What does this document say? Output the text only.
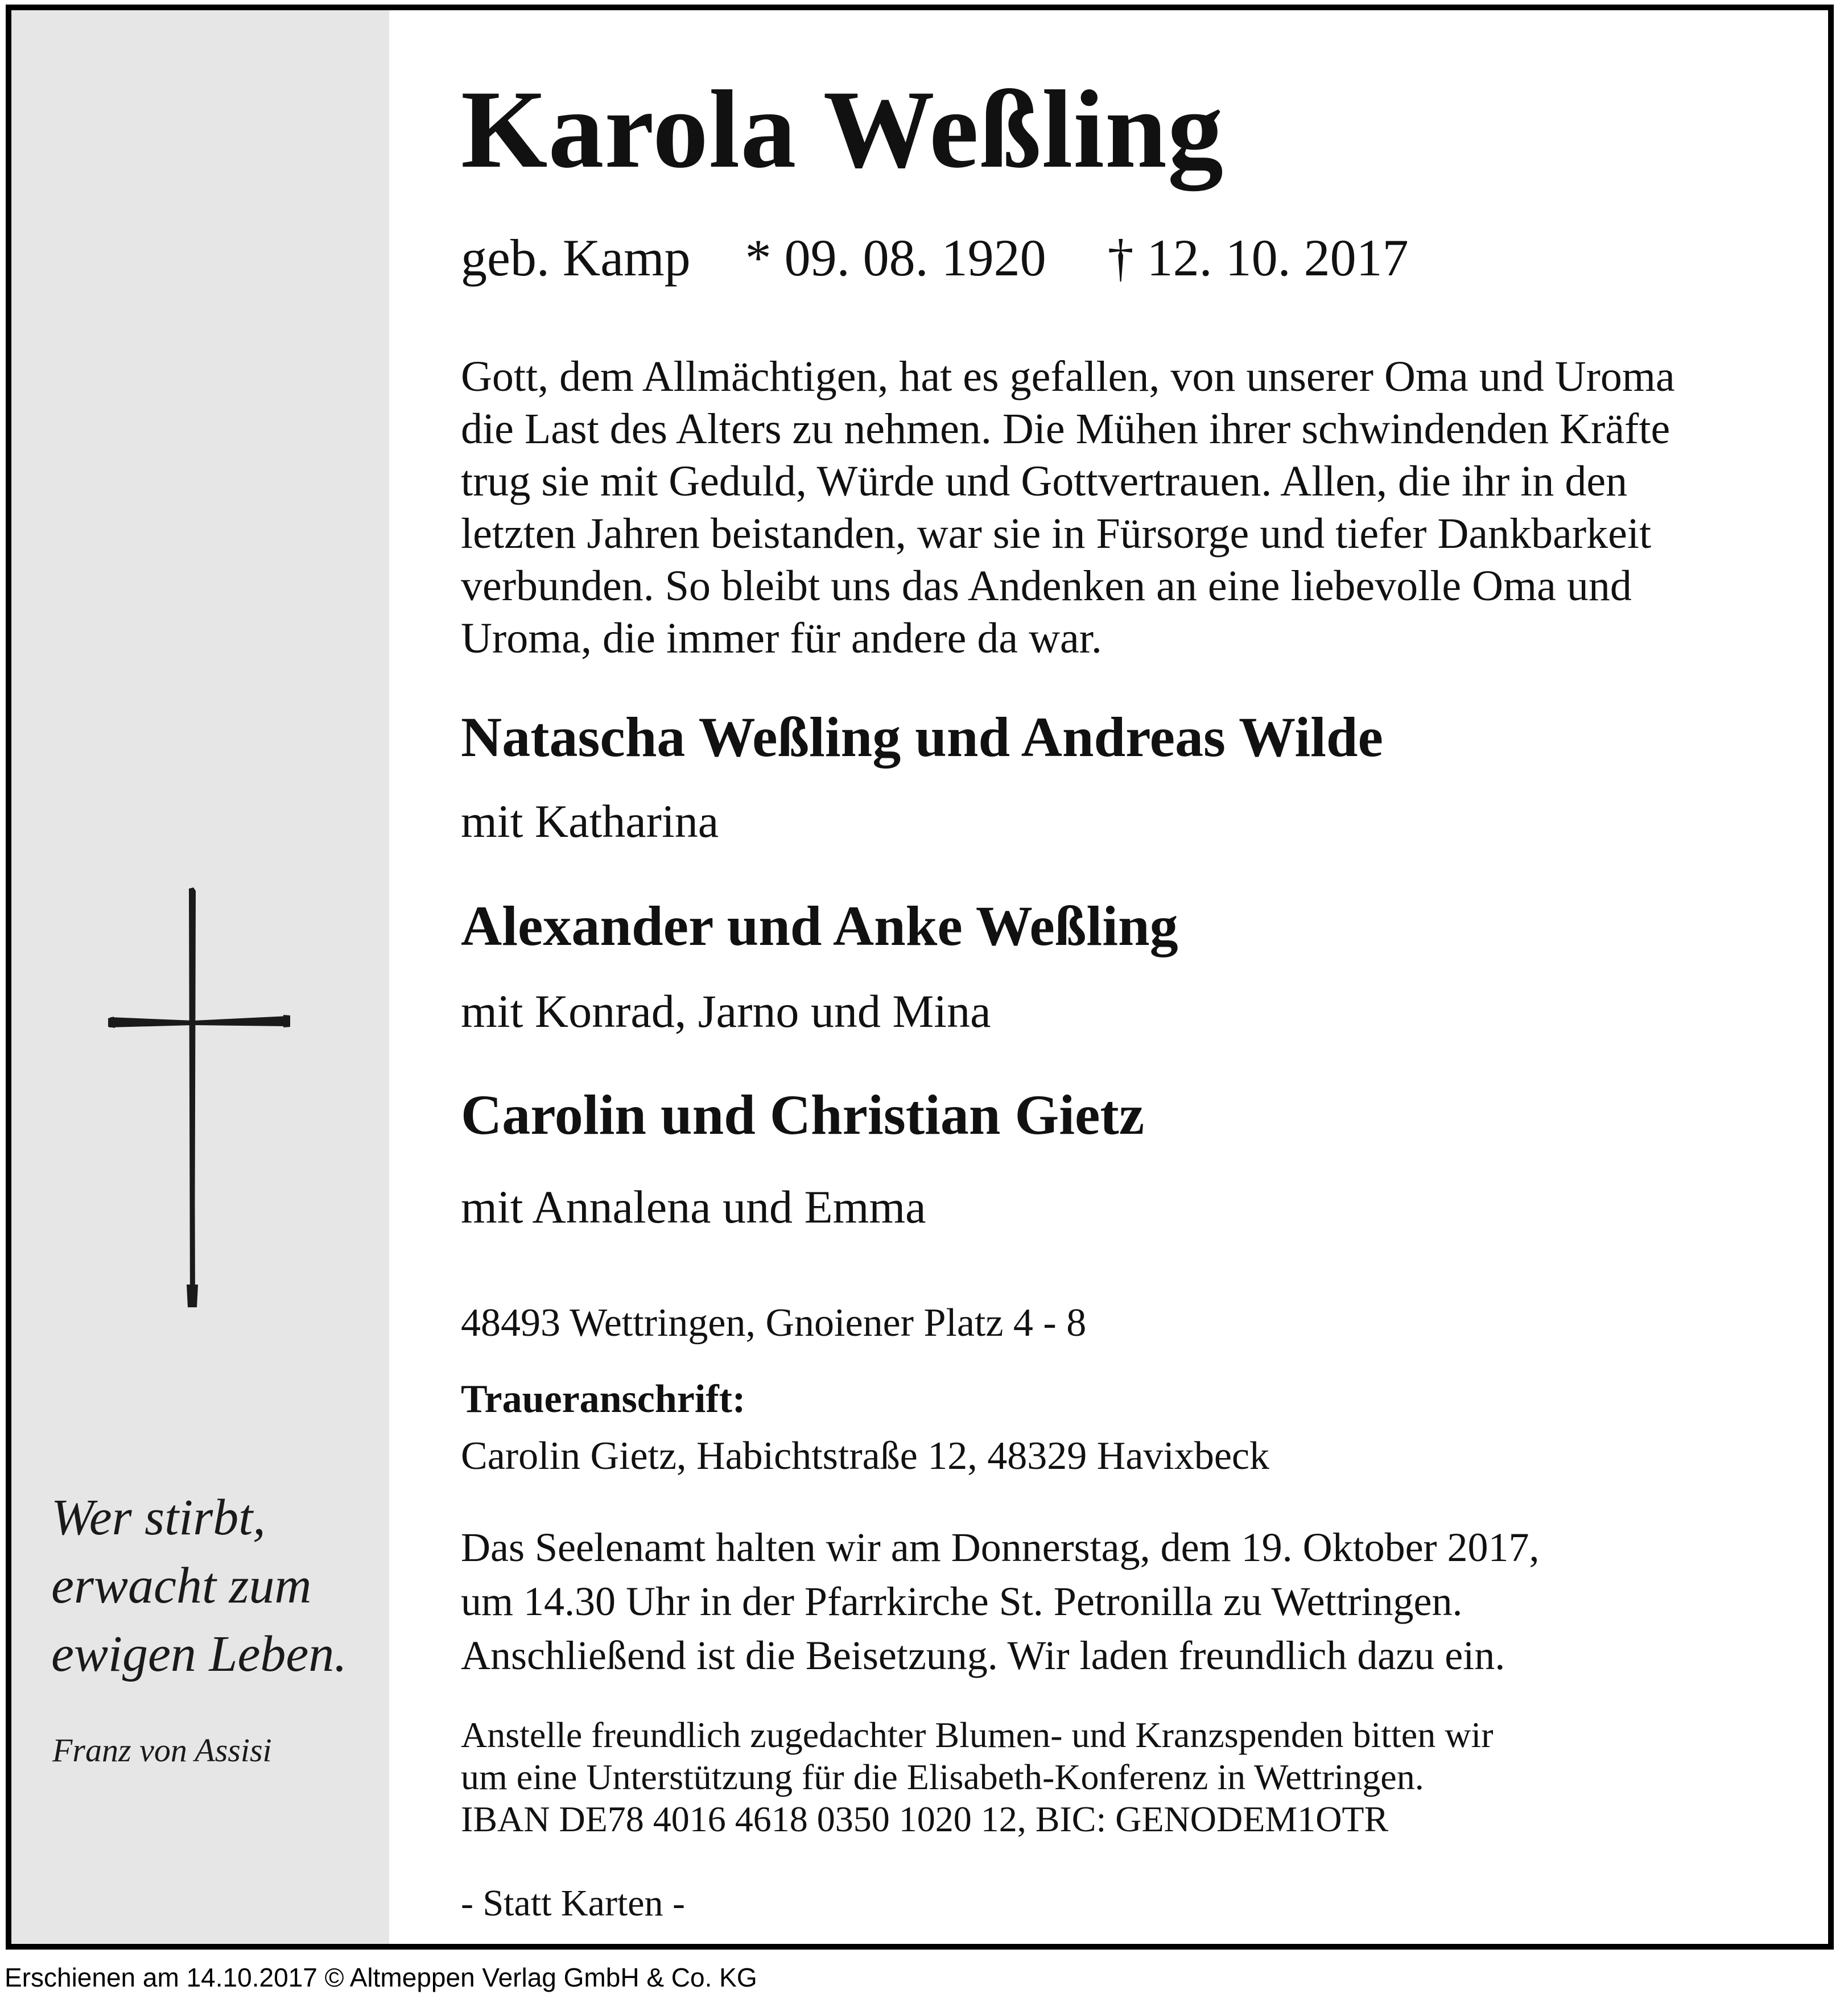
Wer stirbt,
erwacht zum
ewigen Leben.
Franz von Assisi
Karola Weßling
geb. Kamp * 09. 08. 1920 † 12. 10. 2017
Gott, dem Allmächtigen, hat es gefallen, von unserer Oma und Uroma
die Last des Alters zu nehmen. Die Mühen ihrer schwindenden Kräfte
trug sie mit Geduld, Würde und Gottvertrauen. Allen, die ihr in den
letzten Jahren beistanden, war sie in Fürsorge und tiefer Dankbarkeit
verbunden. So bleibt uns das Andenken an eine liebevolle Oma und
Uroma, die immer für andere da war.
Natascha Weßling und Andreas Wilde
mit Katharina
Alexander und Anke Weßling
mit Konrad, Jarno und Mina
Carolin und Christian Gietz
mit Annalena und Emma
48493 Wettringen, Gnoiener Platz 4 - 8
Traueranschrift:
Carolin Gietz, Habichtstraße 12, 48329 Havixbeck
Das Seelenamt halten wir am Donnerstag, dem 19. Oktober 2017,
um 14.30 Uhr in der Pfarrkirche St. Petronilla zu Wettringen.
Anschließend ist die Beisetzung. Wir laden freundlich dazu ein.
Anstelle freundlich zugedachter Blumen- und Kranzspenden bitten wir
um eine Unterstützung für die Elisabeth-Konferenz in Wettringen.
IBAN DE78 4016 4618 0350 1020 12, BIC: GENODEM1OTR
- Statt Karten -
Erschienen am 14.10.2017 © Altmeppen Verlag GmbH & Co. KG
